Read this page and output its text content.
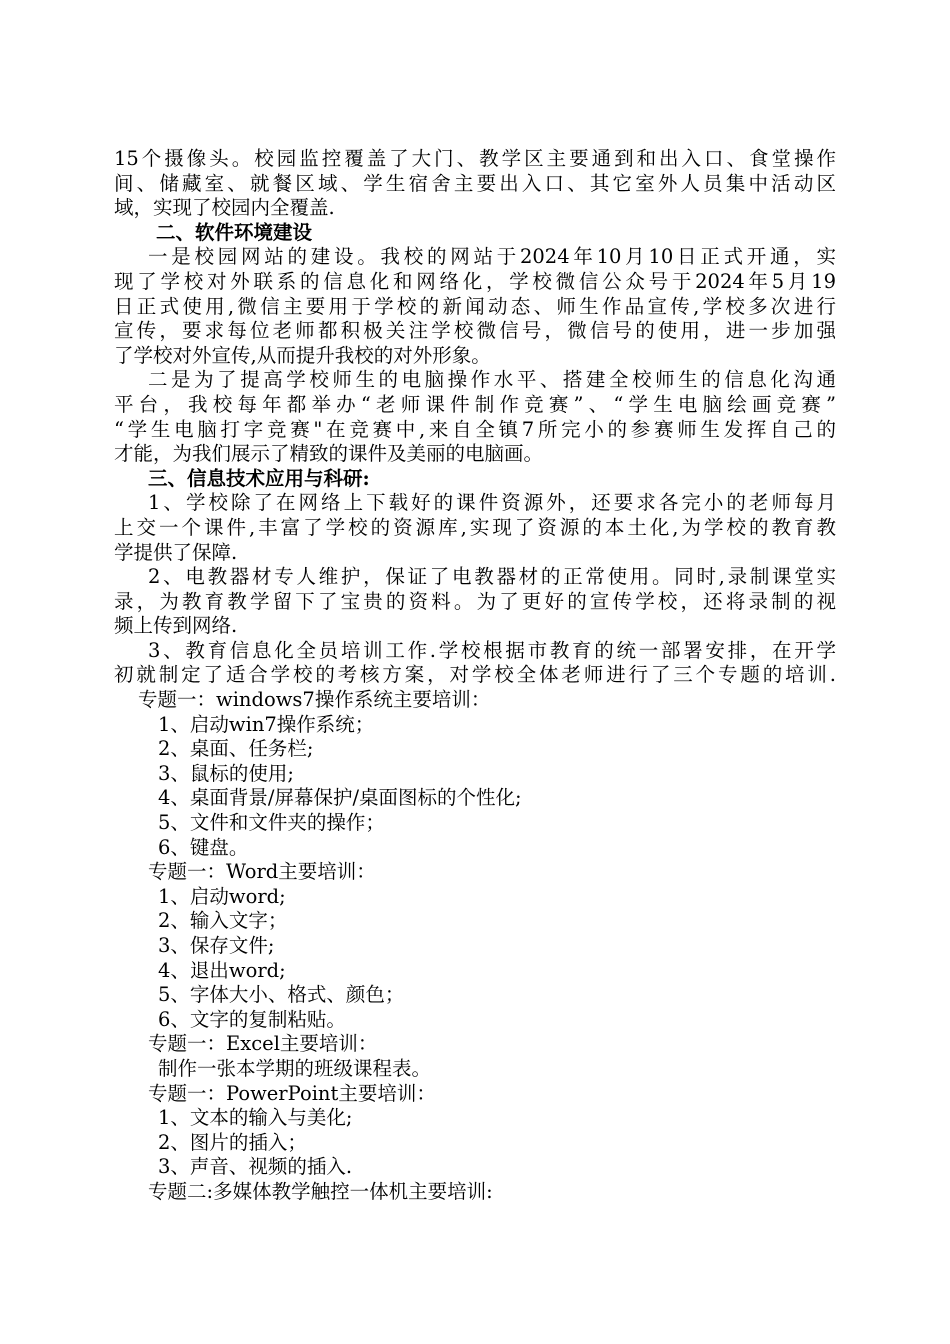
15个摄像头。校园监控覆盖了大门、教学区主要通到和出入口、食堂操作
间、储藏室、就餐区域、学生宿舍主要出入口、其它室外人员集中活动区
域，实现了校园内全覆盖.
二、软件环境建设
一是校园网站的建设。我校的网站于2024年10月10日正式开通，实
现了学校对外联系的信息化和网络化，学校微信公众号于2024年5月19
日正式使用,微信主要用于学校的新闻动态、师生作品宣传,学校多次进行
宣传，要求每位老师都积极关注学校微信号，微信号的使用，进一步加强
了学校对外宣传,从而提升我校的对外形象。
二是为了提高学校师生的电脑操作水平、搭建全校师生的信息化沟通
平台，我校每年都举办“老师课件制作竞赛”、“学生电脑绘画竞赛”
“学生电脑打字竞赛"在竞赛中,来自全镇7所完小的参赛师生发挥自己的
才能，为我们展示了精致的课件及美丽的电脑画。
三、信息技术应用与科研:
1、学校除了在网络上下载好的课件资源外，还要求各完小的老师每月
上交一个课件,丰富了学校的资源库,实现了资源的本土化,为学校的教育教
学提供了保障.
2、电教器材专人维护，保证了电教器材的正常使用。同时,录制课堂实
录，为教育教学留下了宝贵的资料。为了更好的宣传学校，还将录制的视
频上传到网络.
3、教育信息化全员培训工作.学校根据市教育的统一部署安排，在开学
初就制定了适合学校的考核方案，对学校全体老师进行了三个专题的培训.
专题一：windows7操作系统主要培训：
1、启动win7操作系统；
2、桌面、任务栏;
3、鼠标的使用;
4、桌面背景/屏幕保护/桌面图标的个性化;
5、文件和文件夹的操作；
6、键盘。
专题一：Word主要培训：
1、启动word;
2、输入文字；
3、保存文件;
4、退出word;
5、字体大小、格式、颜色；
6、文字的复制粘贴。
专题一：Excel主要培训：
制作一张本学期的班级课程表。
专题一：PowerPoint主要培训：
1、文本的输入与美化;
2、图片的插入；
3、声音、视频的插入.
专题二:多媒体教学触控一体机主要培训:
